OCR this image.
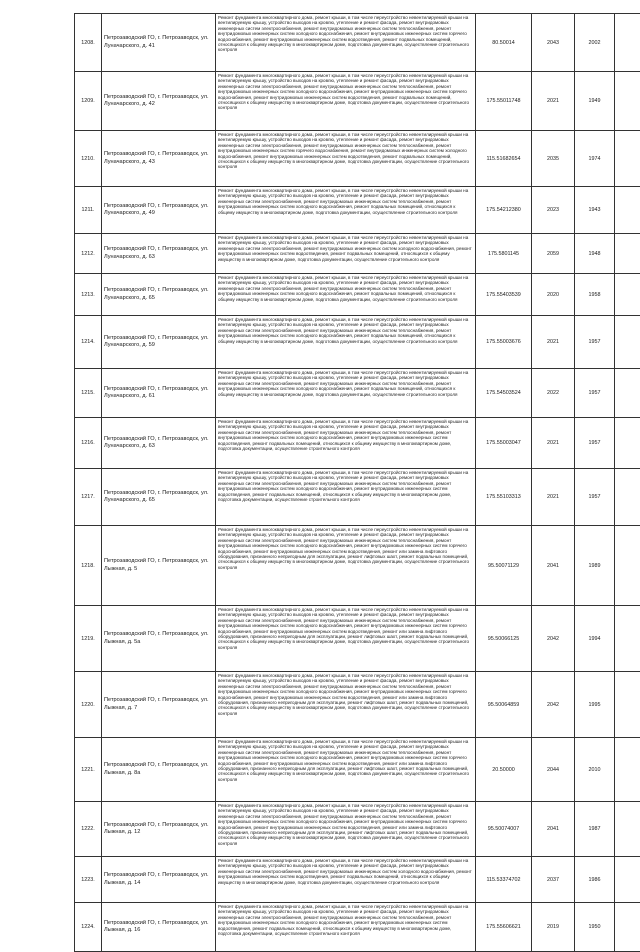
1208.	Петрозаводский ГО, г. Петрозаводск, ул. Луначарского, д. 41	Ремонт фундамента многоквартирного дома, ремонт крыши, в том числе переустройство невентилируемой крыши на вентилируемую крышу, устройство выходов на кровлю, утепление и ремонт фасада, ремонт внутридомовых инженерных систем электроснабжения, ремонт внутридомовых инженерных систем теплоснабжения, ремонт внутридомовых инженерных систем холодного водоснабжения, ремонт внутридомовых инженерных систем горячего водоснабжения, ремонт внутридомовых инженерных систем водоотведения, ремонт подвальных помещений, относящихся к общему имуществу в многоквартирном доме, подготовка документации, осуществление строительного контроля	80.50014	2043	2002	
1209.	Петрозаводский ГО, г. Петрозаводск, ул. Луначарского, д. 42	Ремонт фундамента многоквартирного дома, ремонт крыши, в том числе переустройство невентилируемой крыши на вентилируемую крышу, устройство выходов на кровлю, утепление и ремонт фасада, ремонт внутридомовых инженерных систем электроснабжения, ремонт внутридомовых инженерных систем теплоснабжения, ремонт внутридомовых инженерных систем холодного водоснабжения, ремонт внутридомовых инженерных систем горячего водоснабжения, ремонт внутридомовых инженерных систем водоотведения, ремонт подвальных помещений, относящихся к общему имуществу в многоквартирном доме, подготовка документации, осуществление строительного контроля	175.55011748	2021	1949	
1210.	Петрозаводский ГО, г. Петрозаводск, ул. Луначарского, д. 43	Ремонт фундамента многоквартирного дома, ремонт крыши, в том числе переустройство невентилируемой крыши на вентилируемую крышу, устройство выходов на кровлю, утепление и ремонт фасада, ремонт внутридомовых инженерных систем электроснабжения, ремонт внутридомовых инженерных систем теплоснабжения, ремонт внутридомовых инженерных систем горячего водоснабжения, ремонт внутридомовых инженерных систем холодного водоснабжения, ремонт внутридомовых инженерных систем водоотведения, ремонт подвальных помещений, относящихся к общему имуществу в многоквартирном доме, подготовка документации, осуществление строительного контроля	115.51682654	2035	1974	
1211.	Петрозаводский ГО, г. Петрозаводск, ул. Луначарского, д. 49	Ремонт фундамента многоквартирного дома, ремонт крыши, в том числе переустройство невентилируемой крыши на вентилируемую крышу, устройство выходов на кровлю, утепление и ремонт фасада, ремонт внутридомовых инженерных систем электроснабжения, ремонт внутридомовых инженерных систем теплоснабжения, ремонт внутридомовых инженерных систем холодного водоснабжения, ремонт подвальных помещений, относящихся к общему имуществу в многоквартирном доме, подготовка документации, осуществление строительного контроля	175.54212380	2023	1943	
1212.	Петрозаводский ГО, г. Петрозаводск, ул. Луначарского, д. 63	Ремонт фундамента многоквартирного дома, ремонт крыши, в том числе переустройство невентилируемой крыши на вентилируемую крышу, устройство выходов на кровлю, утепление и ремонт фасада, ремонт внутридомовых инженерных систем электроснабжения, ремонт внутридомовых инженерных систем холодного водоснабжения, ремонт внутридомовых инженерных систем водоотведения, ремонт подвальных помещений, относящихся к общему имуществу в многоквартирном доме, подготовка документации, осуществление строительного контроля	175.5801145	2059	1948	
1213.	Петрозаводский ГО, г. Петрозаводск, ул. Луначарского, д. 65	Ремонт фундамента многоквартирного дома, ремонт крыши, в том числе переустройство невентилируемой крыши на вентилируемую крышу, устройство выходов на кровлю, утепление и ремонт фасада, ремонт внутридомовых инженерных систем электроснабжения, ремонт внутридомовых инженерных систем теплоснабжения, ремонт внутридомовых инженерных систем холодного водоснабжения, ремонт подвальных помещений, относящихся к общему имуществу в многоквартирном доме, подготовка документации, осуществление строительного контроля	175.55403539	2020	1958	
1214.	Петрозаводский ГО, г. Петрозаводск, ул. Луначарского, д. 59	Ремонт фундамента многоквартирного дома, ремонт крыши, в том числе переустройство невентилируемой крыши на вентилируемую крышу, устройство выходов на кровлю, утепление и ремонт фасада, ремонт внутридомовых инженерных систем электроснабжения, ремонт внутридомовых инженерных систем теплоснабжения, ремонт внутридомовых инженерных систем холодного водоснабжения, ремонт подвальных помещений, относящихся к общему имуществу в многоквартирном доме, подготовка документации, осуществление строительного контроля	175.55003676	2021	1957	
1215.	Петрозаводский ГО, г. Петрозаводск, ул. Луначарского, д. 61	Ремонт фундамента многоквартирного дома, ремонт крыши, в том числе переустройство невентилируемой крыши на вентилируемую крышу, устройство выходов на кровлю, утепление и ремонт фасада, ремонт внутридомовых инженерных систем электроснабжения, ремонт внутридомовых инженерных систем теплоснабжения, ремонт внутридомовых инженерных систем холодного водоснабжения, ремонт подвальных помещений, относящихся к общему имуществу в многоквартирном доме, подготовка документации, осуществление строительного контроля	175.54503524	2022	1957	
1216.	Петрозаводский ГО, г. Петрозаводск, ул. Луначарского, д. 63	Ремонт фундамента многоквартирного дома, ремонт крыши, в том числе переустройство невентилируемой крыши на вентилируемую крышу, устройство выходов на кровлю, утепление и ремонт фасада, ремонт внутридомовых инженерных систем электроснабжения, ремонт внутридомовых инженерных систем теплоснабжения, ремонт внутридомовых инженерных систем холодного водоснабжения, ремонт внутридомовых инженерных систем водоотведения, ремонт подвальных помещений, относящихся к общему имуществу в многоквартирном доме, подготовка документации, осуществление строительного контроля	175.55003047	2021	1957	
1217.	Петрозаводский ГО, г. Петрозаводск, ул. Луначарского, д. 65	Ремонт фундамента многоквартирного дома, ремонт крыши, в том числе переустройство невентилируемой крыши на вентилируемую крышу, устройство выходов на кровлю, утепление и ремонт фасада, ремонт внутридомовых инженерных систем электроснабжения, ремонт внутридомовых инженерных систем теплоснабжения, ремонт внутридомовых инженерных систем холодного водоснабжения, ремонт внутридомовых инженерных систем водоотведения, ремонт подвальных помещений, относящихся к общему имуществу в многоквартирном доме, подготовка документации, осуществление строительного контроля	175.55103313	2021	1957	
1218.	Петрозаводский ГО, г. Петрозаводск, ул. Лыжная, д. 5	Ремонт фундамента многоквартирного дома, ремонт крыши, в том числе переустройство невентилируемой крыши на вентилируемую крышу, устройство выходов на кровлю, утепление и ремонт фасада, ремонт внутридомовых инженерных систем электроснабжения, ремонт внутридомовых инженерных систем теплоснабжения, ремонт внутридомовых инженерных систем холодного водоснабжения, ремонт внутридомовых инженерных систем горячего водоснабжения, ремонт внутридомовых инженерных систем водоотведения, ремонт или замена лифтового оборудования, признанного непригодным для эксплуатации, ремонт лифтовых шахт, ремонт подвальных помещений, относящихся к общему имуществу в многоквартирном доме, подготовка документации, осуществление строительного контроля	95.50071129	2041	1989	
1219.	Петрозаводский ГО, г. Петрозаводск, ул. Лыжная, д. 5а	Ремонт фундамента многоквартирного дома, ремонт крыши, в том числе переустройство невентилируемой крыши на вентилируемую крышу, устройство выходов на кровлю, утепление и ремонт фасада, ремонт внутридомовых инженерных систем электроснабжения, ремонт внутридомовых инженерных систем теплоснабжения, ремонт внутридомовых инженерных систем холодного водоснабжения, ремонт внутридомовых инженерных систем горячего водоснабжения, ремонт внутридомовых инженерных систем водоотведения, ремонт или замена лифтового оборудования, признанного непригодным для эксплуатации, ремонт лифтовых шахт, ремонт подвальных помещений, относящихся к общему имуществу в многоквартирном доме, подготовка документации, осуществление строительного контроля	95.50066125	2042	1994	
1220.	Петрозаводский ГО, г. Петрозаводск, ул. Лыжная, д. 7	Ремонт фундамента многоквартирного дома, ремонт крыши, в том числе переустройство невентилируемой крыши на вентилируемую крышу, устройство выходов на кровлю, утепление и ремонт фасада, ремонт внутридомовых инженерных систем электроснабжения, ремонт внутридомовых инженерных систем теплоснабжения, ремонт внутридомовых инженерных систем холодного водоснабжения, ремонт внутридомовых инженерных систем горячего водоснабжения, ремонт внутридомовых инженерных систем водоотведения, ремонт или замена лифтового оборудования, признанного непригодным для эксплуатации, ремонт лифтовых шахт, ремонт подвальных помещений, относящихся к общему имуществу в многоквартирном доме, подготовка документации, осуществление строительного контроля	95.50064859	2042	1995	
1221.	Петрозаводский ГО, г. Петрозаводск, ул. Лыжная, д. 8а	Ремонт фундамента многоквартирного дома, ремонт крыши, в том числе переустройство невентилируемой крыши на вентилируемую крышу, устройство выходов на кровлю, утепление и ремонт фасада, ремонт внутридомовых инженерных систем электроснабжения, ремонт внутридомовых инженерных систем теплоснабжения, ремонт внутридомовых инженерных систем холодного водоснабжения, ремонт внутридомовых инженерных систем горячего водоснабжения, ремонт внутридомовых инженерных систем водоотведения, ремонт или замена лифтового оборудования, признанного непригодным для эксплуатации, ремонт лифтовых шахт, ремонт подвальных помещений, относящихся к общему имуществу в многоквартирном доме, подготовка документации, осуществление строительного контроля	20.50000	2044	2010	
1222.	Петрозаводский ГО, г. Петрозаводск, ул. Лыжная, д. 12	Ремонт фундамента многоквартирного дома, ремонт крыши, в том числе переустройство невентилируемой крыши на вентилируемую крышу, устройство выходов на кровлю, утепление и ремонт фасада, ремонт внутридомовых инженерных систем электроснабжения, ремонт внутридомовых инженерных систем теплоснабжения, ремонт внутридомовых инженерных систем холодного водоснабжения, ремонт внутридомовых инженерных систем горячего водоснабжения, ремонт внутридомовых инженерных систем водоотведения, ремонт или замена лифтового оборудования, признанного непригодным для эксплуатации, ремонт лифтовых шахт, ремонт подвальных помещений, относящихся к общему имуществу в многоквартирном доме, подготовка документации, осуществление строительного контроля	95.50074007	2041	1987	
1223.	Петрозаводский ГО, г. Петрозаводск, ул. Лыжная, д. 14	Ремонт фундамента многоквартирного дома, ремонт крыши, в том числе переустройство невентилируемой крыши на вентилируемую крышу, устройство выходов на кровлю, утепление и ремонт фасада, ремонт внутридомовых инженерных систем электроснабжения, ремонт внутридомовых инженерных систем холодного водоснабжения, ремонт внутридомовых инженерных систем водоотведения, ремонт подвальных помещений, относящихся к общему имуществу в многоквартирном доме, подготовка документации, осуществление строительного контроля	115.53374702	2037	1986	
1224.	Петрозаводский ГО, г. Петрозаводск, ул. Лыжная, д. 16	Ремонт фундамента многоквартирного дома, ремонт крыши, в том числе переустройство невентилируемой крыши на вентилируемую крышу, устройство выходов на кровлю, утепление и ремонт фасада, ремонт внутридомовых инженерных систем электроснабжения, ремонт внутридомовых инженерных систем теплоснабжения, ремонт внутридомовых инженерных систем холодного водоснабжения, ремонт внутридомовых инженерных систем водоотведения, ремонт подвальных помещений, относящихся к общему имуществу в многоквартирном доме, подготовка документации, осуществление строительного контроля	175.55606621	2019	1950	
